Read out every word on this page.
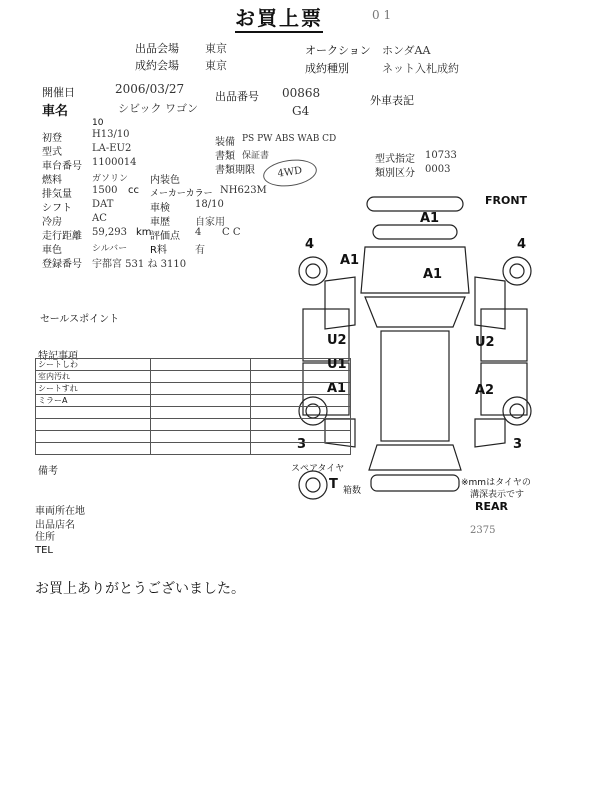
お買上票	0 1
出品会場 東京
成約会場 東京
オークション ホンダAA
成約種別	ネット入札成約
開催日	2006/03/27
出品番号 00868
外車表記
車名	シビック ワゴン	G4
10
初登	H13/10
型式	LA-EU2
車台番号 1100014
燃料	ガソリン 内装色
排気量 1500 cc メーカーカラー NH623M
シフト DAT	車検	18/10
冷房	AC	車歴	自家用
走行距離 59,293 km
評価点 4 C C
車色	シルバー R料	有
登録番号 宇都宮 531 ね 3110
装備 PS PW ABS WAB CD
書類 保証書
書類期限	4WD
型式指定 10733
類別区分 0003
FRONT
REAR
A1
A1
A1
U2
U1
A1
U2
A2
4	4
3	3
T 箱数
スペアタイヤ
※mmはタイヤの
溝深表示です
2375
セールスポイント
特記事項
シートしわ		
室内汚れ		
シートすれ		
ミラーA		

備考
車両所在地
出品店名
住所
TEL
お買上ありがとうございました。
